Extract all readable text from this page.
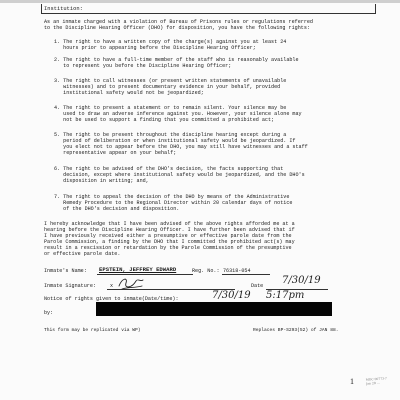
Institution:
As an inmate charged with a violation of Bureau of Prisons rules or regulations referred
to the Discipline Hearing Officer (DHO) for disposition, you have the following rights:
1. The right to have a written copy of the charge(s) against you at least 24
hours prior to appearing before the Discipline Hearing Officer;
2. The right to have a full-time member of the staff who is reasonably available
to represent you before the Discipline Hearing Officer;
3. The right to call witnesses (or present written statements of unavailable
witnesses) and to present documentary evidence in your behalf, provided
institutional safety would not be jeopardized;
4. The right to present a statement or to remain silent. Your silence may be
used to draw an adverse inference against you. However, your silence alone may
not be used to support a finding that you committed a prohibited act;
5. The right to be present throughout the discipline hearing except during a
period of deliberation or when institutional safety would be jeopardized. If
you elect not to appear before the DHO, you may still have witnesses and a staff
representative appear on your behalf;
6. The right to be advised of the DHO's decision, the facts supporting that
decision, except where institutional safety would be jeopardized, and the DHO's
disposition in writing; and,
7. The right to appeal the decision of the DHO by means of the Administrative
Remedy Procedure to the Regional Director within 20 calendar days of notice
of the DHO's decision and disposition.
I hereby acknowledge that I have been advised of the above rights afforded me at a
hearing before the Discipline Hearing Officer. I have further been advised that if
I have previously received either a presumptive or effective parole date from the
Parole Commission, a finding by the DHO that I committed the prohibited act(s) may
result in a rescission or retardation by the Parole Commission of the presumptive
or effective parole date.
Inmate's Name: EPSTEIN, JEFFREY EDWARD	Reg. No.: 76318-054
Inmate Signature:	x	Date 7/30/19
Notice of rights given to inmate(Date/time):	7/30/19 5:17pm
by:
This form may be replicated via WP)	Replaces BP-S293(52) of JAN 88.
1	MDC 00773-?
Jan 28 ...
